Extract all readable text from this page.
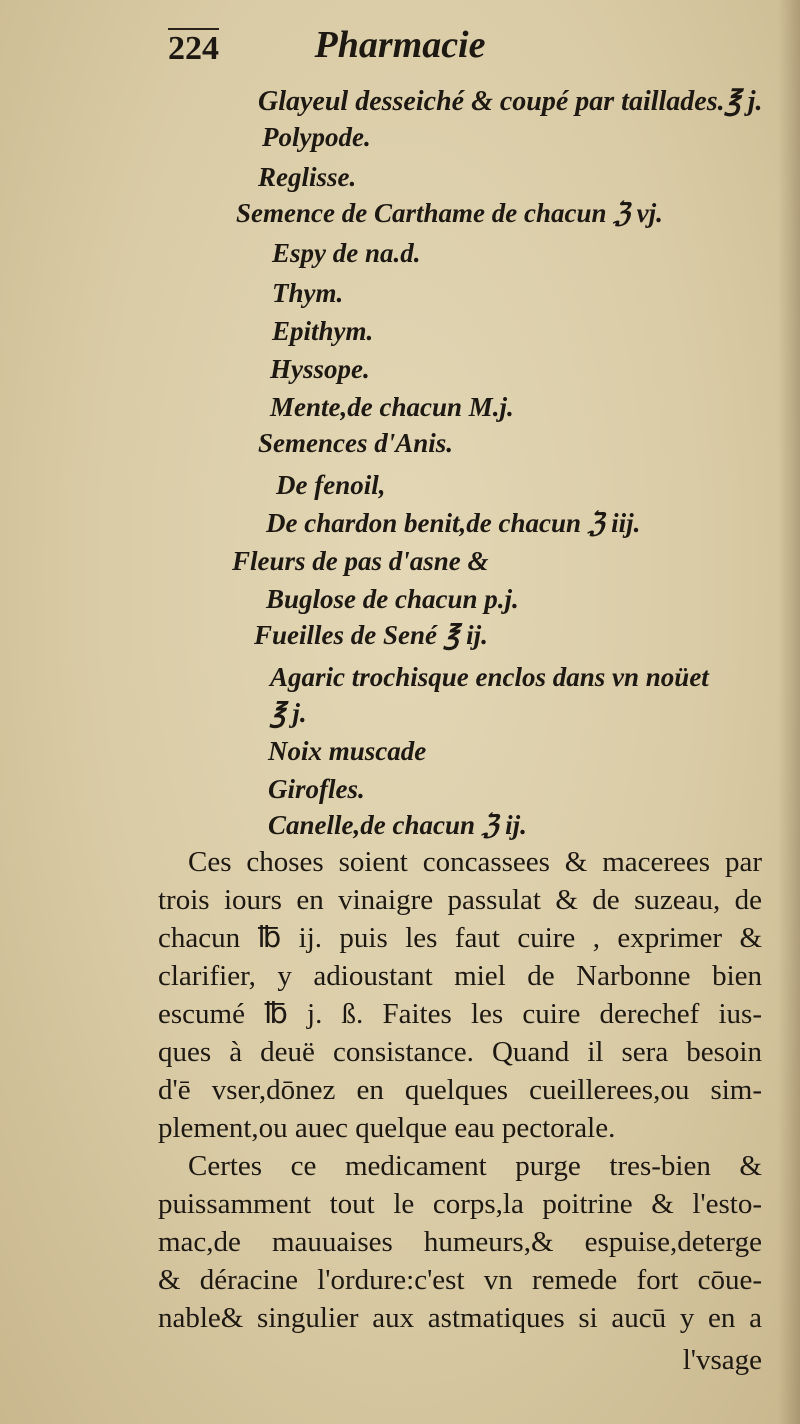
224	Pharmacie
Glayeul desseiché & coupé par taillades.℥ j.
Polypode.
Reglisse.
Semence de Carthame de chacun ℨ vj.
Espy de na.d.
Thym.
Epithym.
Hyssope.
Mente,de chacun M.j.
Semences d'Anis.
De fenoil,
De chardon benit,de chacun ℨ iij.
Fleurs de pas d'asne &
Buglose de chacun p.j.
Fueilles de Sené ℥ ij.
Agaric trochisque enclos dans vn noüet
℥ j.
Noix muscade
Girofles.
Canelle,de chacun ℨ ij.
Ces choses soient concassees & macerees par
trois iours en vinaigre passulat & de suzeau, de
chacun ℔ ij. puis les faut cuire , exprimer &
clarifier, y adioustant miel de Narbonne bien
escumé ℔ j. ß. Faites les cuire derechef ius-
ques à deuë consistance. Quand il sera besoin
d'ē vser,dōnez en quelques cueillerees,ou sim-
plement,ou auec quelque eau pectorale.
Certes ce medicament purge tres-bien &
puissamment tout le corps,la poitrine & l'esto-
mac,de mauuaises humeurs,& espuise,deterge
& déracine l'ordure:c'est vn remede fort cōue-
nable& singulier aux astmatiques si aucū y en a
l'vsage
